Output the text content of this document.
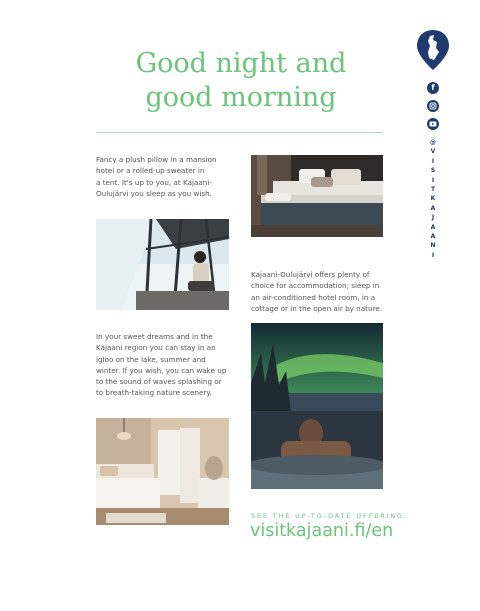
Good night and
good morning

Fancy a plush pillow in a mansion
hotel or a rolled-up sweater in
a tent. It's up to you, at Kajaani-
Oulujärvi you sleep as you wish.

Kajaani-Oulujärvi offers plenty of
choice for accommodation; sleep in
an air-conditioned hotel room, in a
cottage or in the open air by nature.

In your sweet dreams and in the
Kajaani region you can stay in an
igloo on the lake, summer and
winter. If you wish, you can wake up
to the sound of waves splashing or
to breath-taking nature scenery.

SEE THE UP-TO-DATE OFFERING:

visitkajaani.fi/en

f

@
V
I
S
I
T
K
A
J
A
A
N
I
